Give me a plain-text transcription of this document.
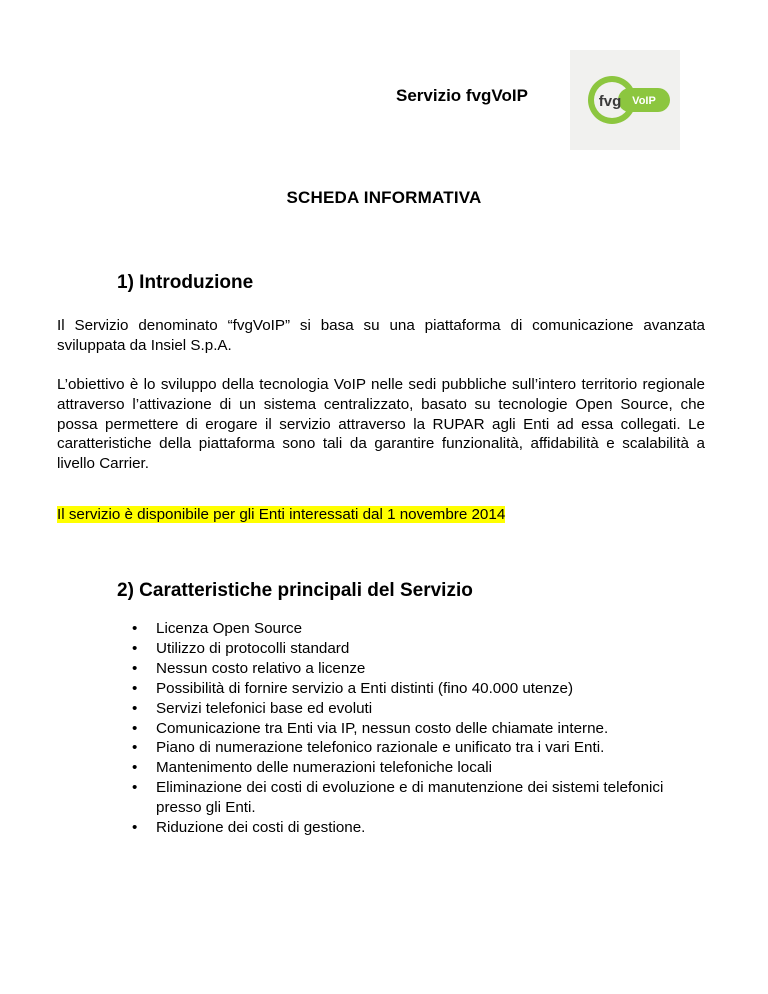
Servizio fvgVoIP	fvg VoIP
SCHEDA INFORMATIVA
1) Introduzione

Il Servizio denominato “fvgVoIP” si basa su una piattaforma di comunicazione avanzata sviluppata da Insiel S.p.A.

L’obiettivo è lo sviluppo della tecnologia VoIP nelle sedi pubbliche sull’intero territorio regionale attraverso l’attivazione di un sistema centralizzato, basato su tecnologie Open Source, che possa permettere di erogare il servizio attraverso la RUPAR agli Enti ad essa collegati. Le caratteristiche della piattaforma sono tali da garantire funzionalità, affidabilità e scalabilità a livello Carrier.

Il servizio è disponibile per gli Enti interessati dal 1 novembre 2014

2) Caratteristiche principali del Servizio
• Licenza Open Source
• Utilizzo di protocolli standard
• Nessun costo relativo a licenze
• Possibilità di fornire servizio a Enti distinti (fino 40.000 utenze)
• Servizi telefonici base ed evoluti
• Comunicazione tra Enti via IP, nessun costo delle chiamate interne.
• Piano di numerazione telefonico razionale e unificato tra i vari Enti.
• Mantenimento delle numerazioni telefoniche locali
• Eliminazione dei costi di evoluzione e di manutenzione dei sistemi telefonici presso gli Enti.
• Riduzione dei costi di gestione.
